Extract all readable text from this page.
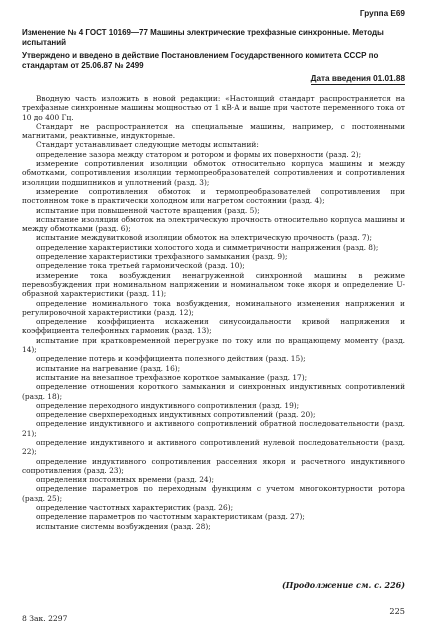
Группа Е69

Изменение № 4 ГОСТ 10169—77 Машины электрические трехфазные синхронные. Методы испытаний

Утверждено и введено в действие Постановлением Государственного комитета СССР по стандартам от 25.06.87 № 2499

Дата введения 01.01.88

Вводную часть изложить в новой редакции: «Настоящий стандарт распространяется на трехфазные синхронные машины мощностью от 1 кВ·А и выше при частоте переменного тока от 10 до 400 Гц.

Стандарт не распространяется на специальные машины, например, с постоянными магнитами, реактивные, индукторные.

Стандарт устанавливает следующие методы испытаний:

определение зазора между статором и ротором и формы их поверхности (разд. 2);

измерение сопротивления изоляции обмоток относительно корпуса машины и между обмотками, сопротивления изоляции термопреобразователей сопротивления и сопротивления изоляции подшипников и уплотнений (разд. 3);

измерение сопротивления обмоток и термопреобразователей сопротивления при постоянном токе в практически холодном или нагретом состоянии (разд. 4);

испытание при повышенной частоте вращения (разд. 5);

испытание изоляции обмоток на электрическую прочность относительно корпуса машины и между обмотками (разд. 6);

испытание междувитковой изоляции обмоток на электрическую прочность (разд. 7);

определение характеристики холостого хода и симметричности напряжения (разд. 8);

определение характеристики трехфазного замыкания (разд. 9);

определение тока третьей гармонической (разд. 10);

измерение тока возбуждения ненагруженной синхронной машины в режиме перевозбуждения при номинальном напряжении и номинальном токе якоря и определение U-образной характеристики (разд. 11);

определение номинального тока возбуждения, номинального изменения напряжения и регулировочной характеристики (разд. 12);

определение коэффициента искажения синусоидальности кривой напряжения и коэффициента телефонных гармоник (разд. 13);

испытание при кратковременной перегрузке по току или по вращающему моменту (разд. 14);

определение потерь и коэффициента полезного действия (разд. 15);

испытание на нагревание (разд. 16);

испытание на внезапное трехфазное короткое замыкание (разд. 17);

определение отношения короткого замыкания и синхронных индуктивных сопротивлений (разд. 18);

определение переходного индуктивного сопротивления (разд. 19);

определение сверхпереходных индуктивных сопротивлений (разд. 20);

определение индуктивного и активного сопротивлений обратной последовательности (разд. 21);

определение индуктивного и активного сопротивлений нулевой последовательности (разд. 22);

определение индуктивного сопротивления рассеяния якоря и расчетного индуктивного сопротивления (разд. 23);

определения постоянных времени (разд. 24);

определение параметров по переходным функциям с учетом многоконтурности ротора (разд. 25);

определение частотных характеристик (разд. 26);

определение параметров по частотным характеристикам (разд. 27);

испытание системы возбуждения (разд. 28);

(Продолжение см. с. 226)
8 Зак. 2297
225
